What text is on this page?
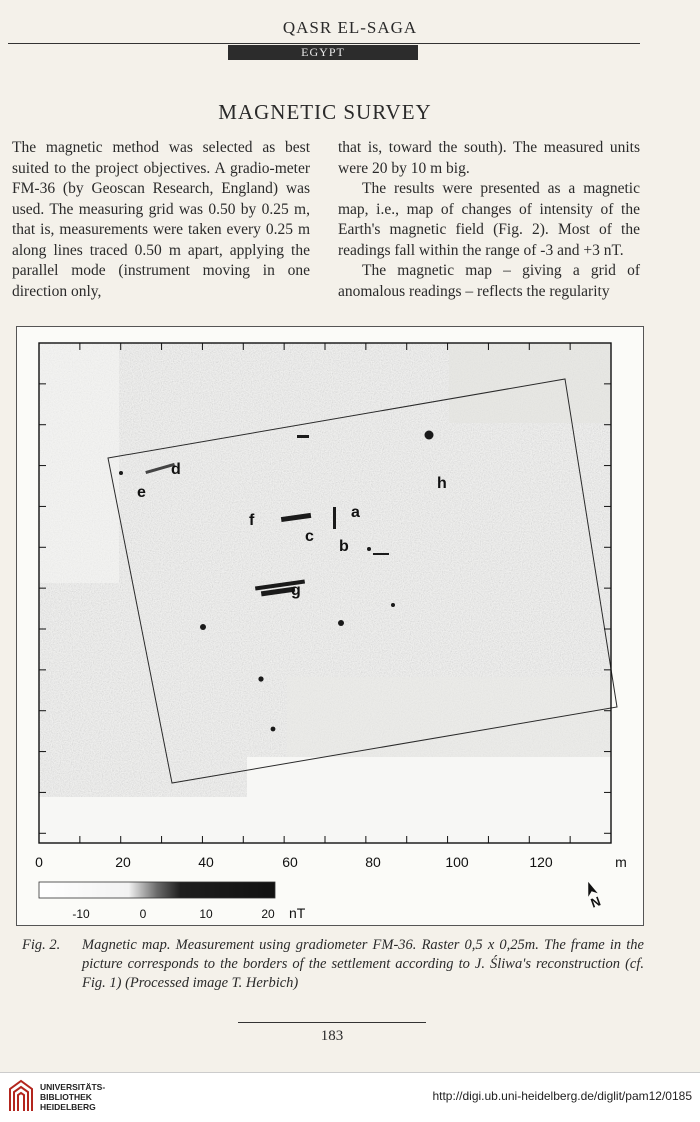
QASR EL-SAGA
EGYPT
MAGNETIC SURVEY

The magnetic method was selected as best suited to the project objectives. A gradio-meter FM-36 (by Geoscan Research, England) was used. The measuring grid was 0.50 by 0.25 m, that is, measurements were taken every 0.25 m along lines traced 0.50 m apart, applying the parallel mode (instrument moving in one direction only,

that is, toward the south). The measured units were 20 by 10 m big.

The results were presented as a magnetic map, i.e., map of changes of intensity of the Earth's magnetic field (Fig. 2). Most of the readings fall within the range of -3 and +3 nT.

The magnetic map – giving a grid of anomalous readings – reflects the regularity

0	20	40	60	80	100	120	m
a
b
c
d
e
f
g
h
-10	0	10	20 nT
N
Fig. 2.	Magnetic map. Measurement using gradiometer FM-36. Raster 0,5 x 0,25m. The frame in the picture corresponds to the borders of the settlement according to J. Śliwa's reconstruction (cf. Fig. 1) (Processed image T. Herbich)
183
UNIVERSITÄTS-
BIBLIOTHEK
HEIDELBERG
http://digi.ub.uni-heidelberg.de/diglit/pam12/0185
